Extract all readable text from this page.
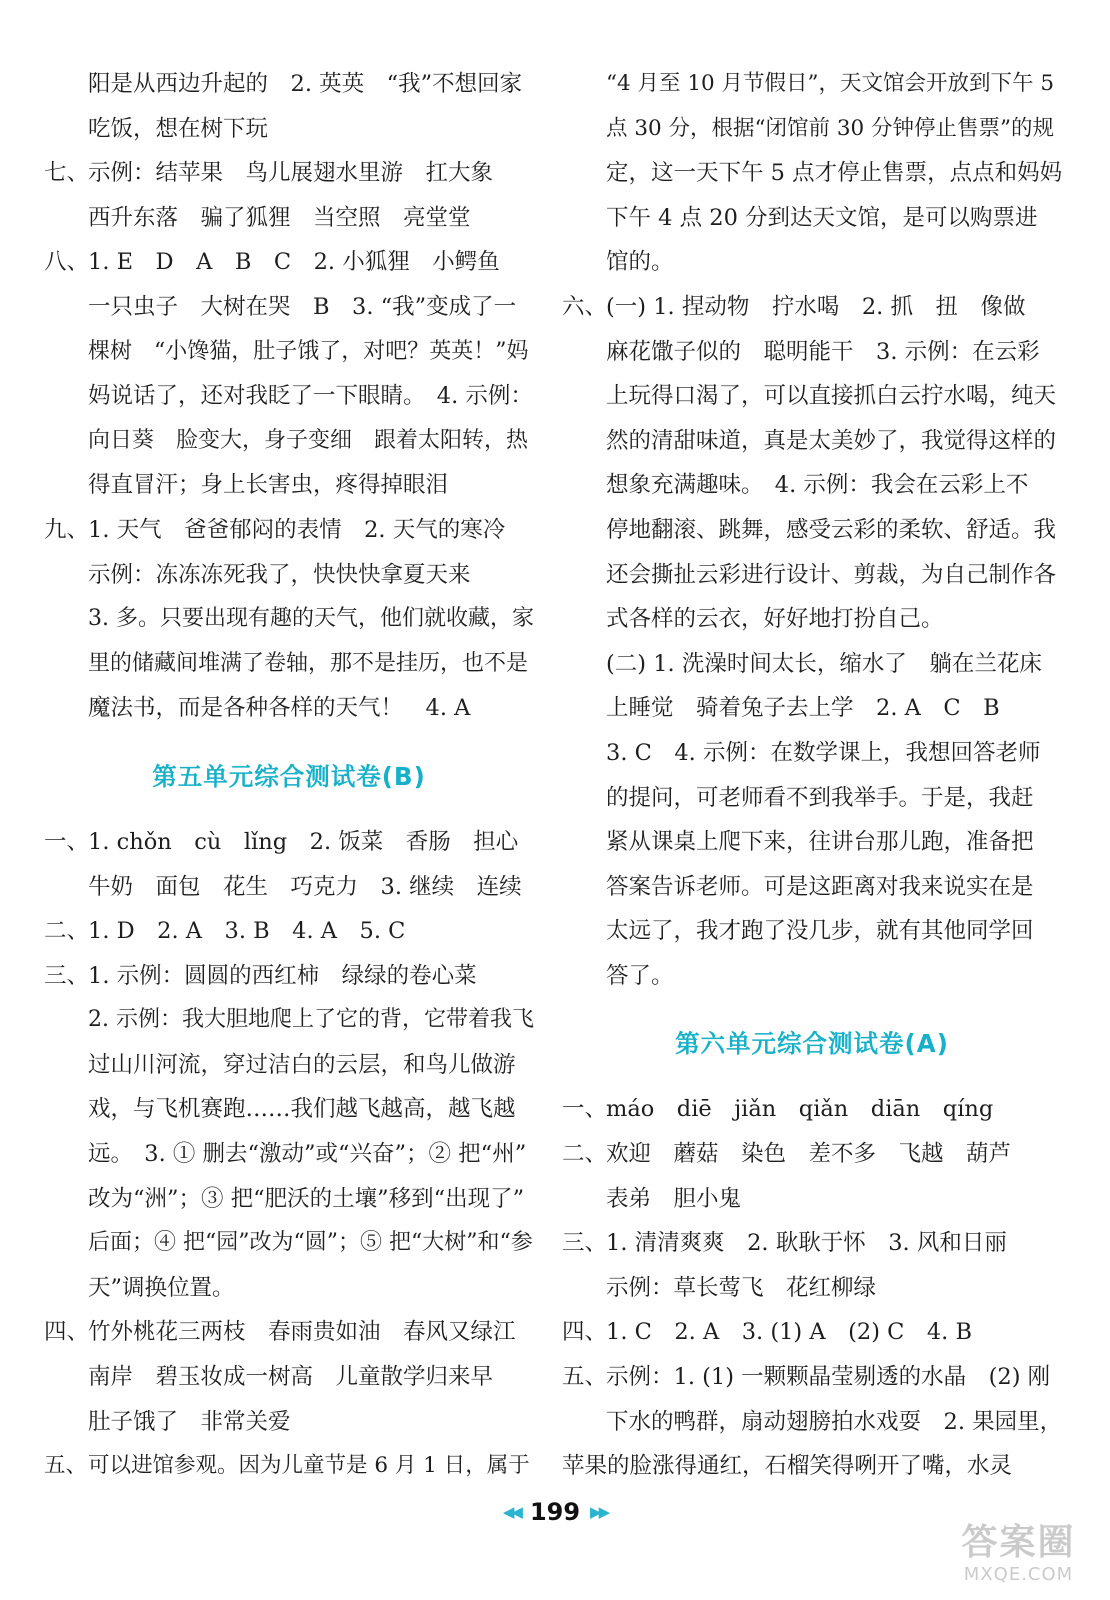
阳是从西边升起的　2. 英英　“我”不想回家
吃饭，想在树下玩
七、
示例：结苹果　鸟儿展翅水里游　扛大象
西升东落　骗了狐狸　当空照　亮堂堂
八、
1. E　D　A　B　C　2. 小狐狸　小鳄鱼
一只虫子　大树在哭　B　3. “我”变成了一
棵树　“小馋猫，肚子饿了，对吧？英英！”妈
妈说话了，还对我眨了一下眼睛。　4. 示例：
向日葵　脸变大，身子变细　跟着太阳转，热
得直冒汗；身上长害虫，疼得掉眼泪
九、
1. 天气　爸爸郁闷的表情　2. 天气的寒冷
示例：冻冻冻死我了，快快快拿夏天来
3. 多。只要出现有趣的天气，他们就收藏，家
里的储藏间堆满了卷轴，那不是挂历，也不是
魔法书，而是各种各样的天气！　4. A
第五单元综合测试卷(B)
一、
1. chǒn　cù　lǐng　2. 饭菜　香肠　担心
牛奶　面包　花生　巧克力　3. 继续　连续
二、
1. D　2. A　3. B　4. A　5. C
三、
1. 示例：圆圆的西红柿　绿绿的卷心菜
2. 示例：我大胆地爬上了它的背，它带着我飞
过山川河流，穿过洁白的云层，和鸟儿做游
戏，与飞机赛跑……我们越飞越高，越飞越
远。　3. ① 删去“激动”或“兴奋”；② 把“州”
改为“洲”；③ 把“肥沃的土壤”移到“出现了”
后面；④ 把“园”改为“圆”；⑤ 把“大树”和“参
天”调换位置。
四、
竹外桃花三两枝　春雨贵如油　春风又绿江
南岸　碧玉妆成一树高　儿童散学归来早
肚子饿了　非常关爱
五、 可以进馆参观。因为儿童节是 6 月 1 日，属于
“4 月至 10 月节假日”，天文馆会开放到下午 5
点 30 分，根据“闭馆前 30 分钟停止售票”的规
定，这一天下午 5 点才停止售票，点点和妈妈
下午 4 点 20 分到达天文馆，是可以购票进
馆的。
六、
(一) 1. 捏动物　拧水喝　2. 抓　扭　像做
麻花馓子似的　聪明能干　3. 示例：在云彩
上玩得口渴了，可以直接抓白云拧水喝，纯天
然的清甜味道，真是太美妙了，我觉得这样的
想象充满趣味。　4. 示例：我会在云彩上不
停地翻滚、跳舞，感受云彩的柔软、舒适。我
还会撕扯云彩进行设计、剪裁，为自己制作各
式各样的云衣，好好地打扮自己。
(二) 1. 洗澡时间太长，缩水了　躺在兰花床
上睡觉　骑着兔子去上学　2. A　C　B
3. C　4. 示例：在数学课上，我想回答老师
的提问，可老师看不到我举手。于是，我赶
紧从课桌上爬下来，往讲台那儿跑，准备把
答案告诉老师。可是这距离对我来说实在是
太远了，我才跑了没几步，就有其他同学回
答了。
第六单元综合测试卷(A)
一、
máo　diē　jiǎn　qiǎn　diān　qíng
二、
欢迎　蘑菇　染色　差不多　飞越　葫芦
表弟　胆小鬼
三、
1. 清清爽爽　2. 耿耿于怀　3. 风和日丽
示例：草长莺飞　花红柳绿
四、
1. C　2. A　3. (1) A　(2) C　4. B
五、
示例：1. (1) 一颗颗晶莹剔透的水晶　(2) 刚
下水的鸭群，扇动翅膀拍水戏耍　2. 果园里，
苹果的脸涨得通红，石榴笑得咧开了嘴，水灵
◀◀ 199 ▶▶
答案圈
MXQE.COM
